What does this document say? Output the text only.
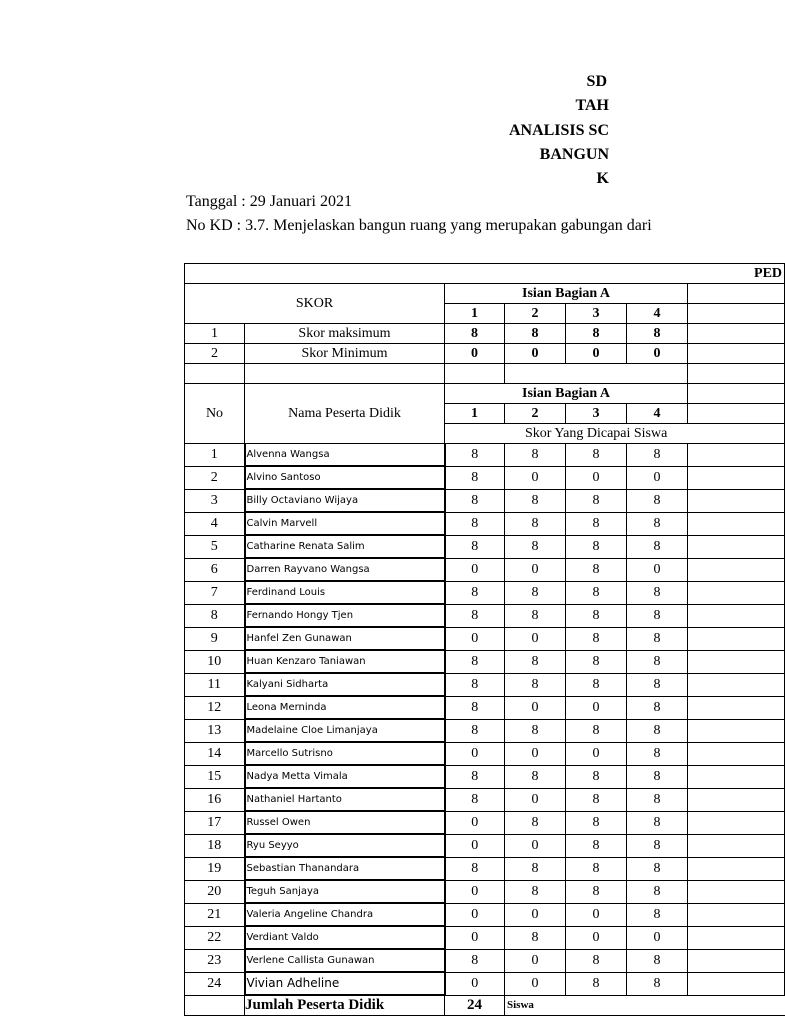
SD
TAH
ANALISIS SC
BANGUN
K
Tanggal : 29 Januari 2021
No KD : 3.7. Menjelaskan bangun ruang yang merupakan gabungan dari
PED						
SKOR		Isian Bagian A				
		1	2	3	4	
1	Skor maksimum	8	8	8	8	
2	Skor Minimum	0	0	0	0	

No	Nama Peserta Didik	Isian Bagian A				
		1	2	3	4	
		Skor Yang Dicapai Siswa				
1	Alvenna Wangsa	8	8	8	8	
2	Alvino Santoso	8	0	0	0	
3	Billy Octaviano Wijaya	8	8	8	8	
4	Calvin Marvell	8	8	8	8	
5	Catharine Renata Salim	8	8	8	8	
6	Darren Rayvano Wangsa	0	0	8	0	
7	Ferdinand Louis	8	8	8	8	
8	Fernando Hongy Tjen	8	8	8	8	
9	Hanfel Zen Gunawan	0	0	8	8	
10	Huan Kenzaro Taniawan	8	8	8	8	
11	Kalyani Sidharta	8	8	8	8	
12	Leona Merninda	8	0	0	8	
13	Madelaine Cloe Limanjaya	8	8	8	8	
14	Marcello Sutrisno	0	0	0	8	
15	Nadya Metta Vimala	8	8	8	8	
16	Nathaniel Hartanto	8	0	8	8	
17	Russel Owen	0	8	8	8	
18	Ryu Seyyo	0	0	8	8	
19	Sebastian Thanandara	8	8	8	8	
20	Teguh Sanjaya	0	8	8	8	
21	Valeria Angeline Chandra	0	0	0	8	
22	Verdiant Valdo	0	8	0	0	
23	Verlene Callista Gunawan	8	0	8	8	
24	Vivian Adheline	0	0	8	8	
	Jumlah Peserta Didik	24	Siswa			
